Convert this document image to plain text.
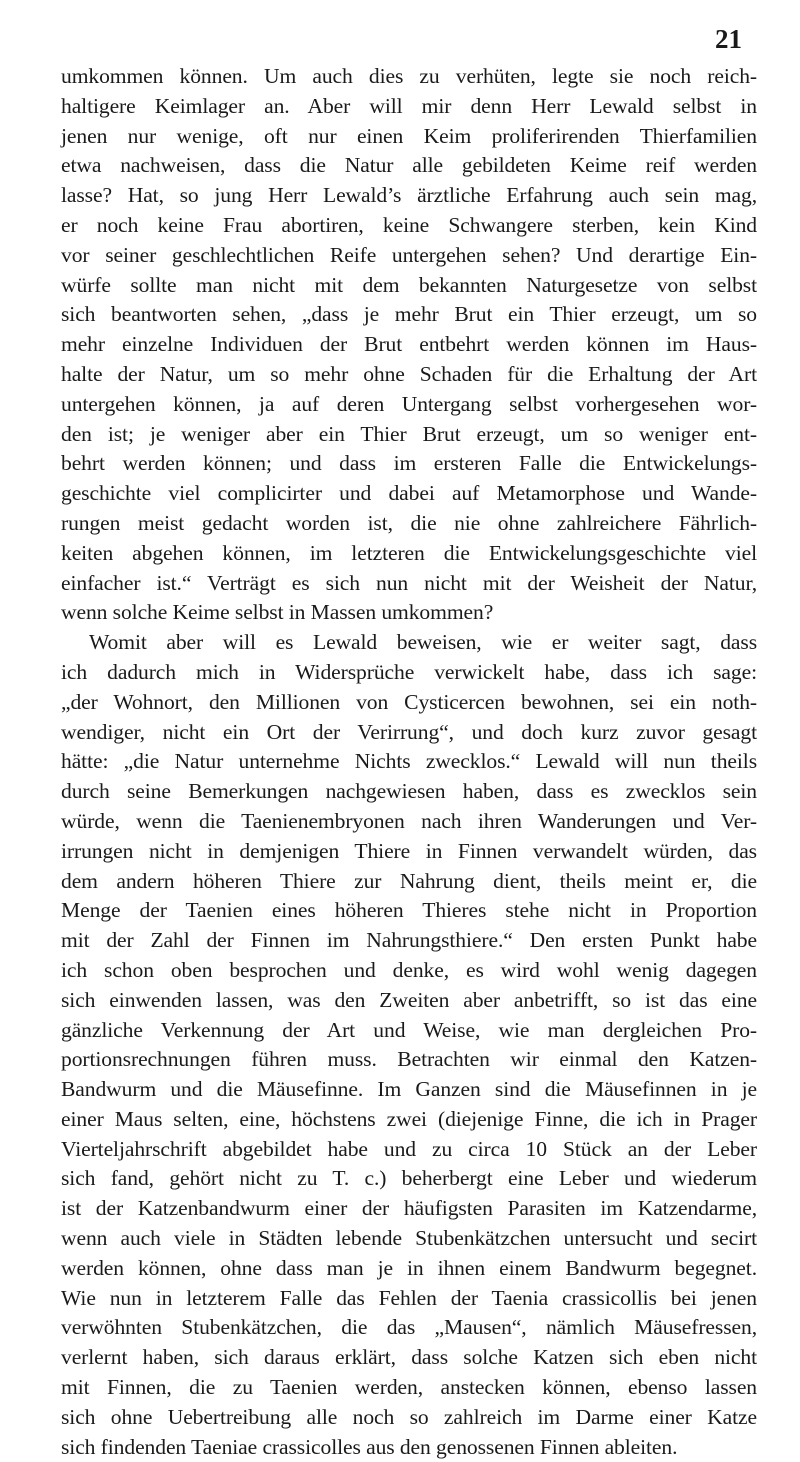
21
umkommen können. Um auch dies zu verhüten, legte sie noch reich-
haltigere Keimlager an. Aber will mir denn Herr Lewald selbst in
jenen nur wenige, oft nur einen Keim proliferirenden Thierfamilien
etwa nachweisen, dass die Natur alle gebildeten Keime reif werden
lasse? Hat, so jung Herr Lewald’s ärztliche Erfahrung auch sein mag,
er noch keine Frau abortiren, keine Schwangere sterben, kein Kind
vor seiner geschlechtlichen Reife untergehen sehen? Und derartige Ein-
würfe sollte man nicht mit dem bekannten Naturgesetze von selbst
sich beantworten sehen, „dass je mehr Brut ein Thier erzeugt, um so
mehr einzelne Individuen der Brut entbehrt werden können im Haus-
halte der Natur, um so mehr ohne Schaden für die Erhaltung der Art
untergehen können, ja auf deren Untergang selbst vorhergesehen wor-
den ist; je weniger aber ein Thier Brut erzeugt, um so weniger ent-
behrt werden können; und dass im ersteren Falle die Entwickelungs-
geschichte viel complicirter und dabei auf Metamorphose und Wande-
rungen meist gedacht worden ist, die nie ohne zahlreichere Fährlich-
keiten abgehen können, im letzteren die Entwickelungsgeschichte viel
einfacher ist.“ Verträgt es sich nun nicht mit der Weisheit der Natur,
wenn solche Keime selbst in Massen umkommen?
Womit aber will es Lewald beweisen, wie er weiter sagt, dass
ich dadurch mich in Widersprüche verwickelt habe, dass ich sage:
„der Wohnort, den Millionen von Cysticercen bewohnen, sei ein noth-
wendiger, nicht ein Ort der Verirrung“, und doch kurz zuvor gesagt
hätte: „die Natur unternehme Nichts zwecklos.“ Lewald will nun theils
durch seine Bemerkungen nachgewiesen haben, dass es zwecklos sein
würde, wenn die Taenienembryonen nach ihren Wanderungen und Ver-
irrungen nicht in demjenigen Thiere in Finnen verwandelt würden, das
dem andern höheren Thiere zur Nahrung dient, theils meint er, die
Menge der Taenien eines höheren Thieres stehe nicht in Proportion
mit der Zahl der Finnen im Nahrungsthiere.“ Den ersten Punkt habe
ich schon oben besprochen und denke, es wird wohl wenig dagegen
sich einwenden lassen, was den Zweiten aber anbetrifft, so ist das eine
gänzliche Verkennung der Art und Weise, wie man dergleichen Pro-
portionsrechnungen führen muss. Betrachten wir einmal den Katzen-
Bandwurm und die Mäusefinne. Im Ganzen sind die Mäusefinnen in je
einer Maus selten, eine, höchstens zwei (diejenige Finne, die ich in Prager
Vierteljahrschrift abgebildet habe und zu circa 10 Stück an der Leber
sich fand, gehört nicht zu T. c.) beherbergt eine Leber und wiederum
ist der Katzenbandwurm einer der häufigsten Parasiten im Katzendarme,
wenn auch viele in Städten lebende Stubenkätzchen untersucht und secirt
werden können, ohne dass man je in ihnen einem Bandwurm begegnet.
Wie nun in letzterem Falle das Fehlen der Taenia crassicollis bei jenen
verwöhnten Stubenkätzchen, die das „Mausen“, nämlich Mäusefressen,
verlernt haben, sich daraus erklärt, dass solche Katzen sich eben nicht
mit Finnen, die zu Taenien werden, anstecken können, ebenso lassen
sich ohne Uebertreibung alle noch so zahlreich im Darme einer Katze
sich findenden Taeniae crassicolles aus den genossenen Finnen ableiten.
